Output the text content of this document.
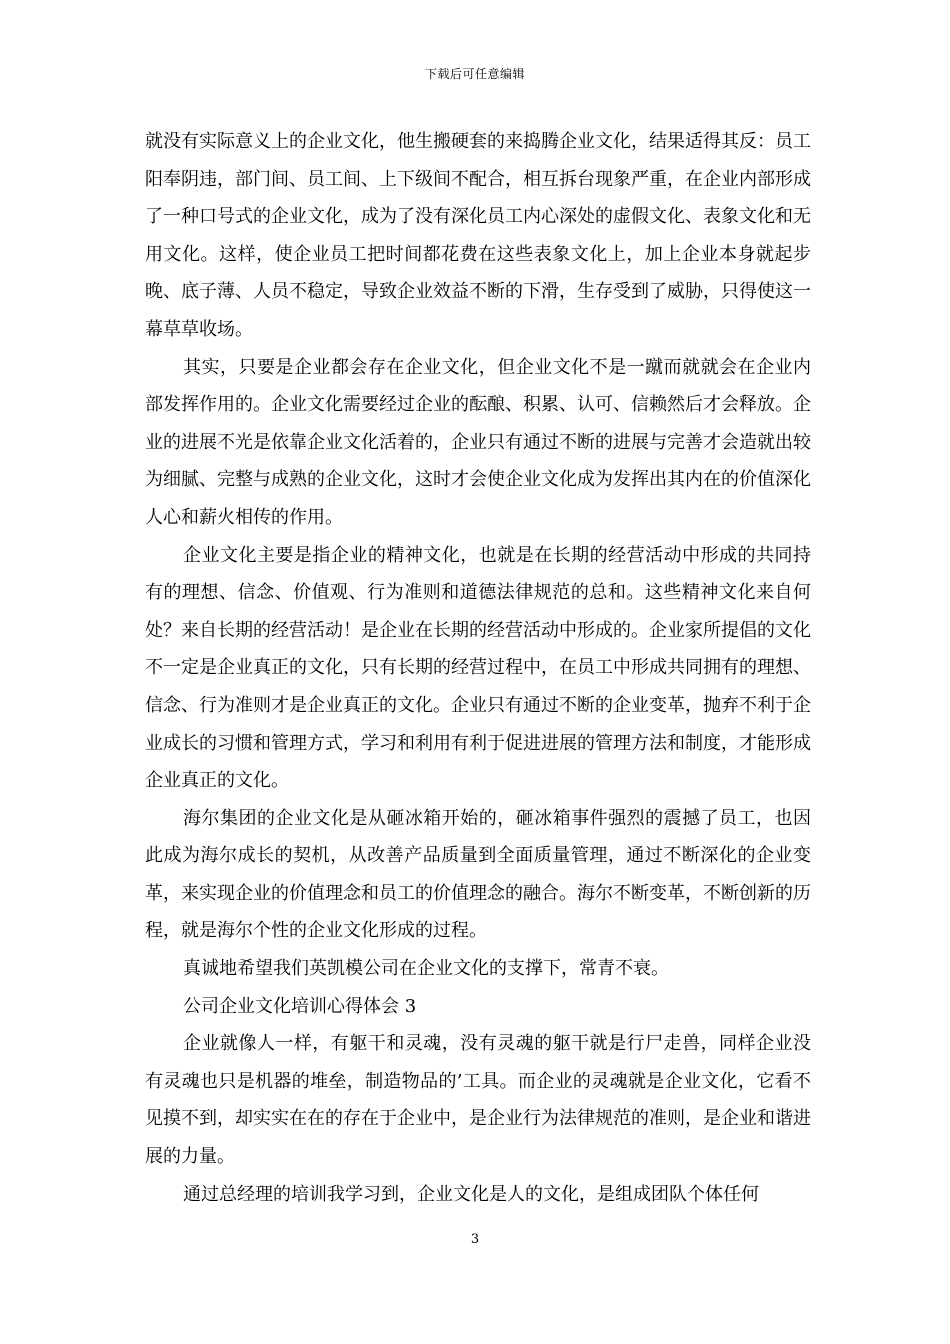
下载后可任意编辑

就没有实际意义上的企业文化，他生搬硬套的来捣腾企业文化，结果适得其反：员工阳奉阴违，部门间、员工间、上下级间不配合，相互拆台现象严重，在企业内部形成了一种口号式的企业文化，成为了没有深化员工内心深处的虚假文化、表象文化和无用文化。这样，使企业员工把时间都花费在这些表象文化上，加上企业本身就起步晚、底子薄、人员不稳定，导致企业效益不断的下滑，生存受到了威胁，只得使这一幕草草收场。

其实，只要是企业都会存在企业文化，但企业文化不是一蹴而就就会在企业内部发挥作用的。企业文化需要经过企业的酝酿、积累、认可、信赖然后才会释放。企业的进展不光是依靠企业文化活着的，企业只有通过不断的进展与完善才会造就出较为细腻、完整与成熟的企业文化，这时才会使企业文化成为发挥出其内在的价值深化人心和薪火相传的作用。

企业文化主要是指企业的精神文化，也就是在长期的经营活动中形成的共同持有的理想、信念、价值观、行为准则和道德法律规范的总和。这些精神文化来自何处？来自长期的经营活动！是企业在长期的经营活动中形成的。企业家所提倡的文化不一定是企业真正的文化，只有长期的经营过程中，在员工中形成共同拥有的理想、信念、行为准则才是企业真正的文化。企业只有通过不断的企业变革，抛弃不利于企业成长的习惯和管理方式，学习和利用有利于促进进展的管理方法和制度，才能形成企业真正的文化。

海尔集团的企业文化是从砸冰箱开始的，砸冰箱事件强烈的震撼了员工，也因此成为海尔成长的契机，从改善产品质量到全面质量管理，通过不断深化的企业变革，来实现企业的价值理念和员工的价值理念的融合。海尔不断变革，不断创新的历程，就是海尔个性的企业文化形成的过程。

真诚地希望我们英凯模公司在企业文化的支撑下，常青不衰。

公司企业文化培训心得体会 3

企业就像人一样，有躯干和灵魂，没有灵魂的躯干就是行尸走兽，同样企业没有灵魂也只是机器的堆垒，制造物品的’工具。而企业的灵魂就是企业文化，它看不见摸不到，却实实在在的存在于企业中，是企业行为法律规范的准则，是企业和谐进展的力量。

通过总经理的培训我学习到，企业文化是人的文化，是组成团队个体任何

3
